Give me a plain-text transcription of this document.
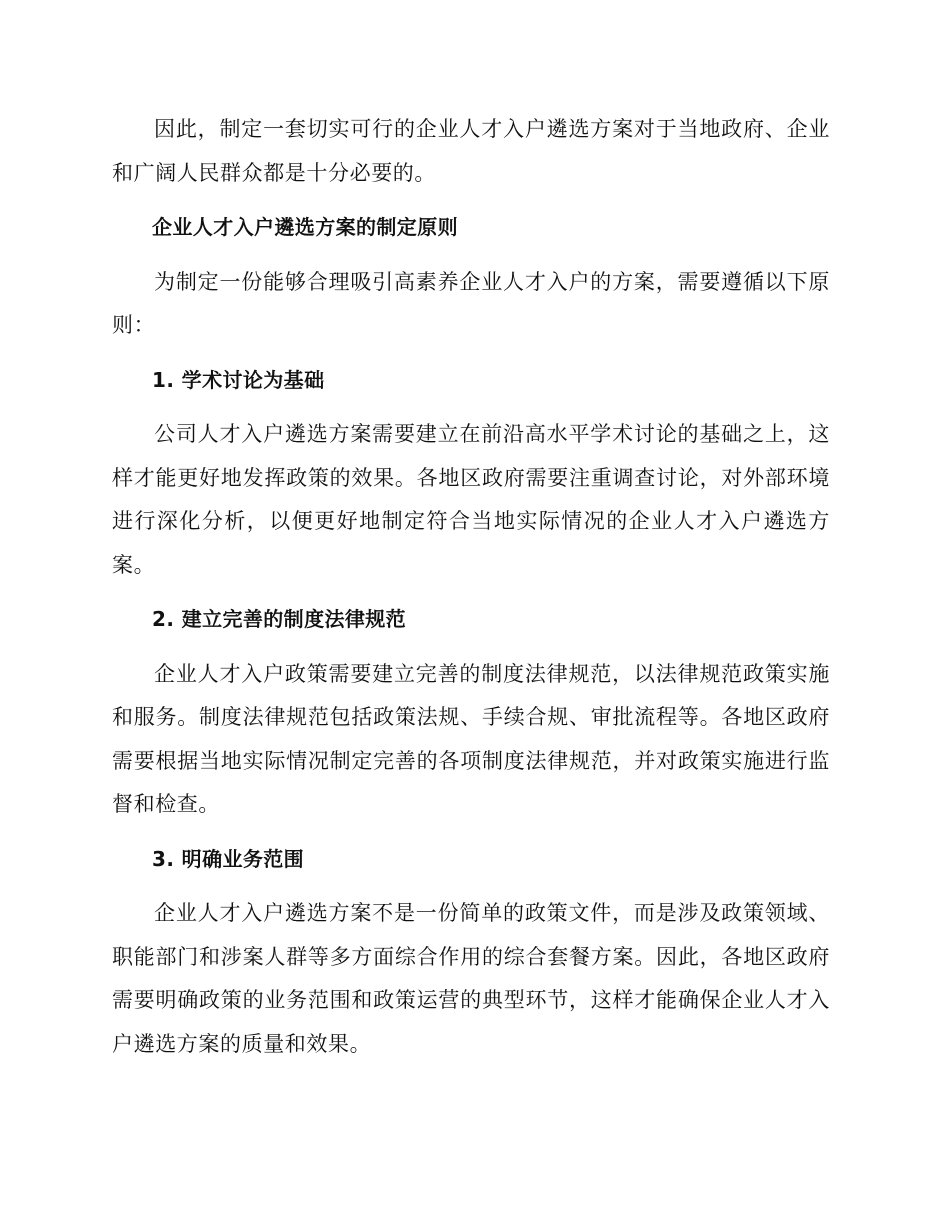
因此，制定一套切实可行的企业人才入户遴选方案对于当地政府、企业和广阔人民群众都是十分必要的。

企业人才入户遴选方案的制定原则

为制定一份能够合理吸引高素养企业人才入户的方案，需要遵循以下原则：

1. 学术讨论为基础

公司人才入户遴选方案需要建立在前沿高水平学术讨论的基础之上，这样才能更好地发挥政策的效果。各地区政府需要注重调查讨论，对外部环境进行深化分析，以便更好地制定符合当地实际情况的企业人才入户遴选方案。

2. 建立完善的制度法律规范

企业人才入户政策需要建立完善的制度法律规范，以法律规范政策实施和服务。制度法律规范包括政策法规、手续合规、审批流程等。各地区政府需要根据当地实际情况制定完善的各项制度法律规范，并对政策实施进行监督和检查。

3. 明确业务范围

企业人才入户遴选方案不是一份简单的政策文件，而是涉及政策领域、职能部门和涉案人群等多方面综合作用的综合套餐方案。因此，各地区政府需要明确政策的业务范围和政策运营的典型环节，这样才能确保企业人才入户遴选方案的质量和效果。
